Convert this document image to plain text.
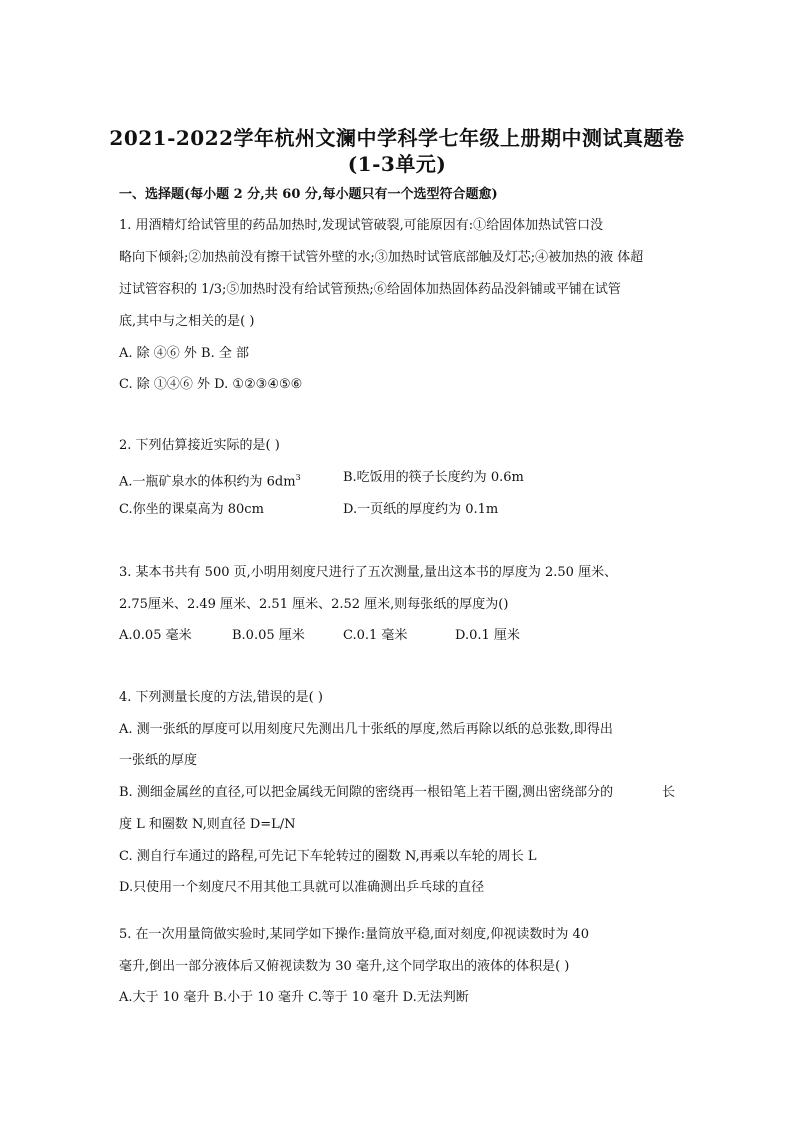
2021-2022学年杭州文澜中学科学七年级上册期中测试真题卷
(1-3单元)
一、选择题(每小题 2 分,共 60 分,每小题只有一个选型符合题愈)
1. 用酒精灯给试管里的药品加热时,发现试管破裂,可能原因有:①给固体加热试管口没
略向下倾斜;②加热前没有擦干试管外壁的水;③加热时试管底部触及灯芯;④被加热的液 体超
过试管容积的 1/3;⑤加热时没有给试管预热;⑥给固体加热固体药品没斜铺或平铺在试管
底,其中与之相关的是( )
A. 除 ④⑥ 外 B. 全 部
C. 除 ①④⑥ 外 D. ①②③④⑤⑥
2. 下列估算接近实际的是( )
A.一瓶矿泉水的体积约为 $6dm^3$	B.吃饭用的筷子长度约为 0.6m
C.你坐的课桌高为 80cm	D.一页纸的厚度约为 0.1m
3. 某本书共有 500 页,小明用刻度尺进行了五次测量,量出这本书的厚度为 2.50 厘米、
2.75厘米、2.49 厘米、2.51 厘米、2.52 厘米,则每张纸的厚度为()
A.0.05 毫米	B.0.05 厘米	C.0.1 毫米	D.0.1 厘米
4. 下列测量长度的方法,错误的是( )
A. 测一张纸的厚度可以用刻度尺先测出几十张纸的厚度,然后再除以纸的总张数,即得出
一张纸的厚度
B. 测细金属丝的直径,可以把金属线无间隙的密绕再一根铅笔上若干圈,测出密绕部分的	长
度 L 和圈数 N,则直径 D=L/N
C. 测自行车通过的路程,可先记下车轮转过的圈数 N,再乘以车轮的周长 L
D.只使用一个刻度尺不用其他工具就可以准确测出乒乓球的直径
5. 在一次用量筒做实验时,某同学如下操作:量筒放平稳,面对刻度,仰视读数时为 40
毫升,倒出一部分液体后又俯视读数为 30 毫升,这个同学取出的液体的体积是( )
A.大于 10 毫升 B.小于 10 毫升 C.等于 10 毫升 D.无法判断
